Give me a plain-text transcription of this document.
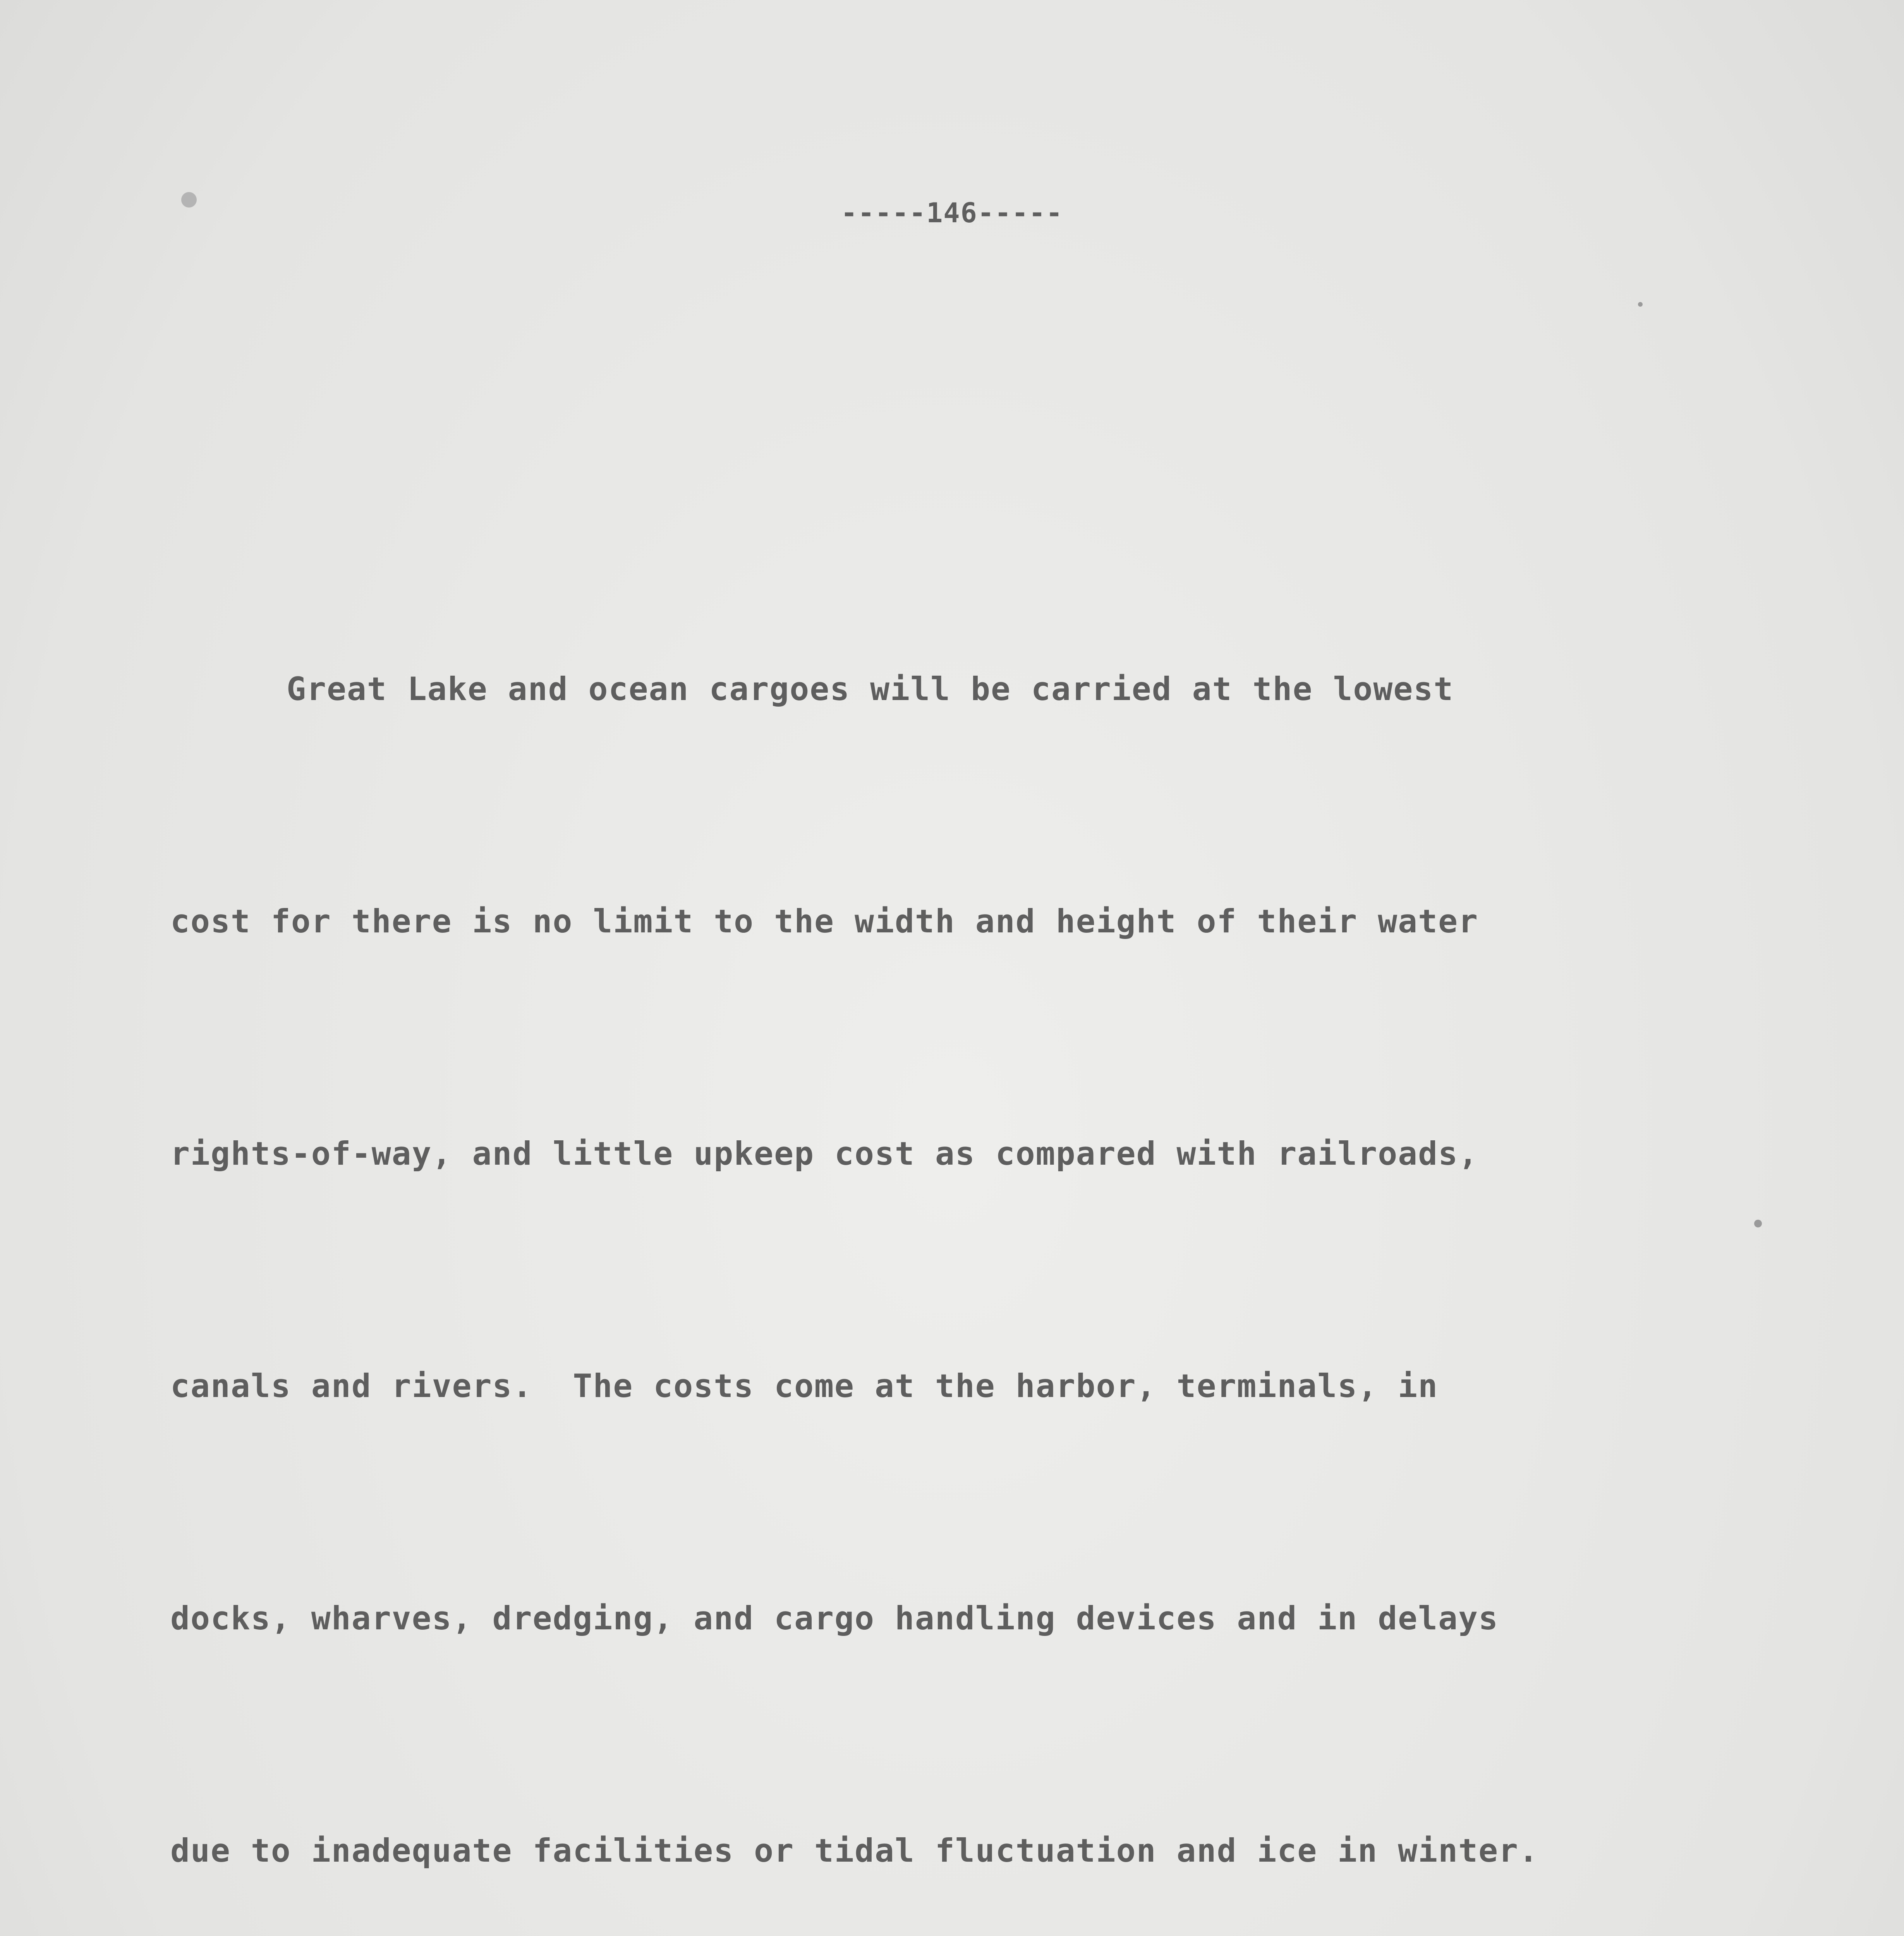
-----146-----

Great Lake and ocean cargoes will be carried at the lowest

cost for there is no limit to the width and height of their water

rights-of-way, and little upkeep cost as compared with railroads,

canals and rivers.  The costs come at the harbor, terminals, in

docks, wharves, dredging, and cargo handling devices and in delays

due to inadequate facilities or tidal fluctuation and ice in winter.
